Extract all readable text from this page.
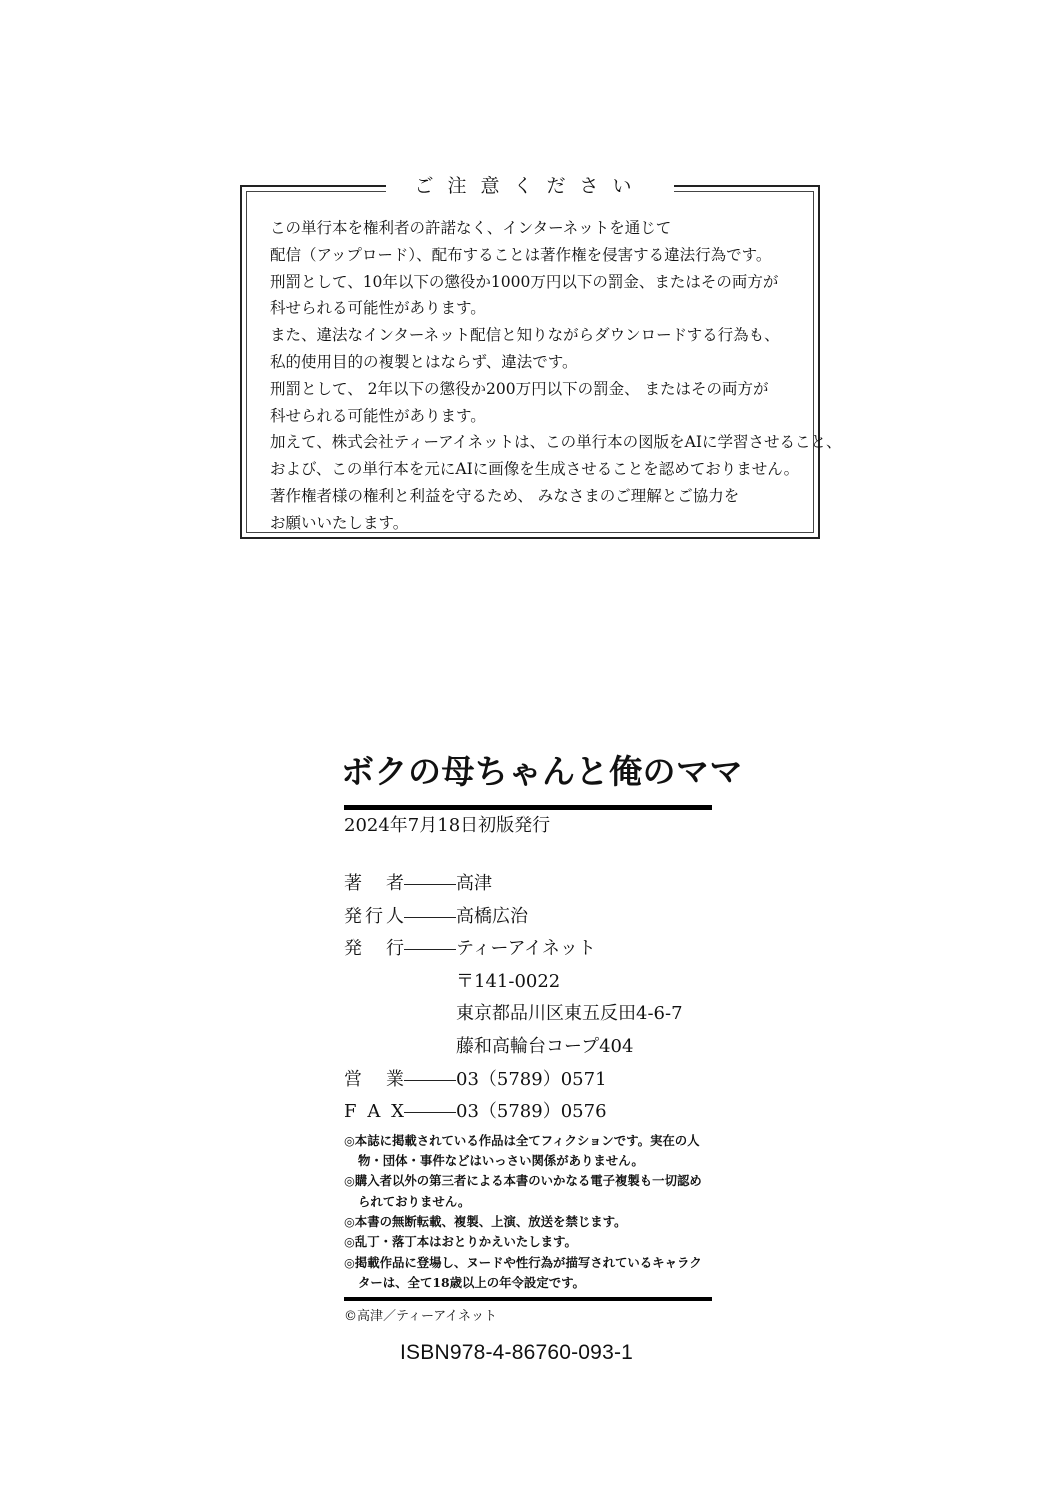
ご注意ください
この単行本を権利者の許諾なく、インターネットを通じて
配信（アップロード）、配布することは著作権を侵害する違法行為です。
刑罰として、10年以下の懲役か1000万円以下の罰金、またはその両方が
科せられる可能性があります。
また、違法なインターネット配信と知りながらダウンロードする行為も、
私的使用目的の複製とはならず、違法です。
刑罰として、 2年以下の懲役か200万円以下の罰金、 またはその両方が
科せられる可能性があります。
加えて、株式会社ティーアイネットは、この単行本の図版をAIに学習させること、
および、この単行本を元にAIに画像を生成させることを認めておりません。
著作権者様の権利と利益を守るため、 みなさまのご理解とご協力を
お願いいたします。
ボクの母ちゃんと俺のママ
2024年7月18日初版発行
著 者	高津
発行人	高橋広治
発 行	ティーアイネット
〒141-0022
東京都品川区東五反田4-6-7
藤和高輪台コープ404
営 業	03（5789）0571
F A X	03（5789）0576
◎本誌に掲載されている作品は全てフィクションです。実在の人物・団体・事件などはいっさい関係がありません。
◎購入者以外の第三者による本書のいかなる電子複製も一切認められておりません。
◎本書の無断転載、複製、上演、放送を禁じます。
◎乱丁・落丁本はおとりかえいたします。
◎掲載作品に登場し、ヌードや性行為が描写されているキャラクターは、全て18歳以上の年令設定です。
©高津／ティーアイネット
ISBN978-4-86760-093-1
